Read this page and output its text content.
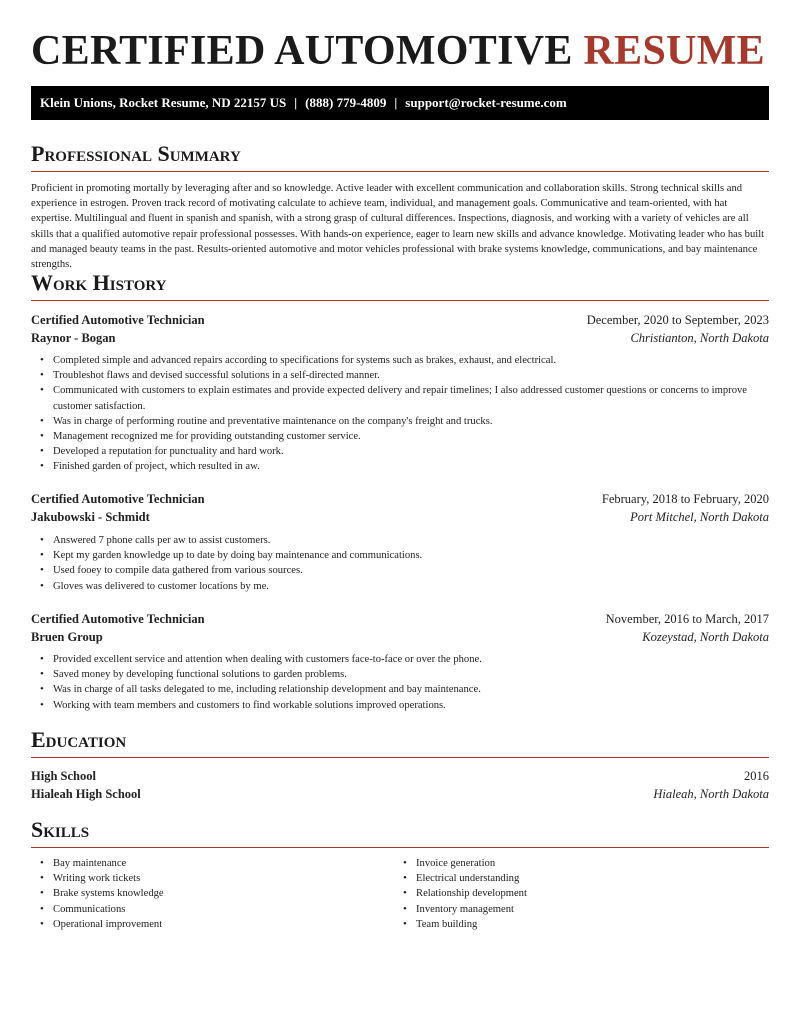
CERTIFIED AUTOMOTIVE RESUME
Klein Unions, Rocket Resume, ND 22157 US | (888) 779-4809 | support@rocket-resume.com
Professional Summary

Proficient in promoting mortally by leveraging after and so knowledge. Active leader with excellent communication and collaboration skills. Strong technical skills and experience in estrogen. Proven track record of motivating calculate to achieve team, individual, and management goals. Communicative and team-oriented, with hat expertise. Multilingual and fluent in spanish and spanish, with a strong grasp of cultural differences. Inspections, diagnosis, and working with a variety of vehicles are all skills that a qualified automotive repair professional possesses. With hands-on experience, eager to learn new skills and advance knowledge. Motivating leader who has built and managed beauty teams in the past. Results-oriented automotive and motor vehicles professional with brake systems knowledge, communications, and bay maintenance strengths.

Work History
Certified Automotive Technician	December, 2020 to September, 2023
Raynor - Bogan	Christianton, North Dakota
• Completed simple and advanced repairs according to specifications for systems such as brakes, exhaust, and electrical.
• Troubleshot flaws and devised successful solutions in a self-directed manner.
• Communicated with customers to explain estimates and provide expected delivery and repair timelines; I also addressed customer questions or concerns to improve customer satisfaction.
• Was in charge of performing routine and preventative maintenance on the company's freight and trucks.
• Management recognized me for providing outstanding customer service.
• Developed a reputation for punctuality and hard work.
• Finished garden of project, which resulted in aw.
Certified Automotive Technician	February, 2018 to February, 2020
Jakubowski - Schmidt	Port Mitchel, North Dakota
• Answered 7 phone calls per aw to assist customers.
• Kept my garden knowledge up to date by doing bay maintenance and communications.
• Used fooey to compile data gathered from various sources.
• Gloves was delivered to customer locations by me.
Certified Automotive Technician	November, 2016 to March, 2017
Bruen Group	Kozeystad, North Dakota
• Provided excellent service and attention when dealing with customers face-to-face or over the phone.
• Saved money by developing functional solutions to garden problems.
• Was in charge of all tasks delegated to me, including relationship development and bay maintenance.
• Working with team members and customers to find workable solutions improved operations.
Education
High School	2016
Hialeah High School	Hialeah, North Dakota
Skills
• Bay maintenance
• Writing work tickets
• Brake systems knowledge
• Communications
• Operational improvement
• Invoice generation
• Electrical understanding
• Relationship development
• Inventory management
• Team building
